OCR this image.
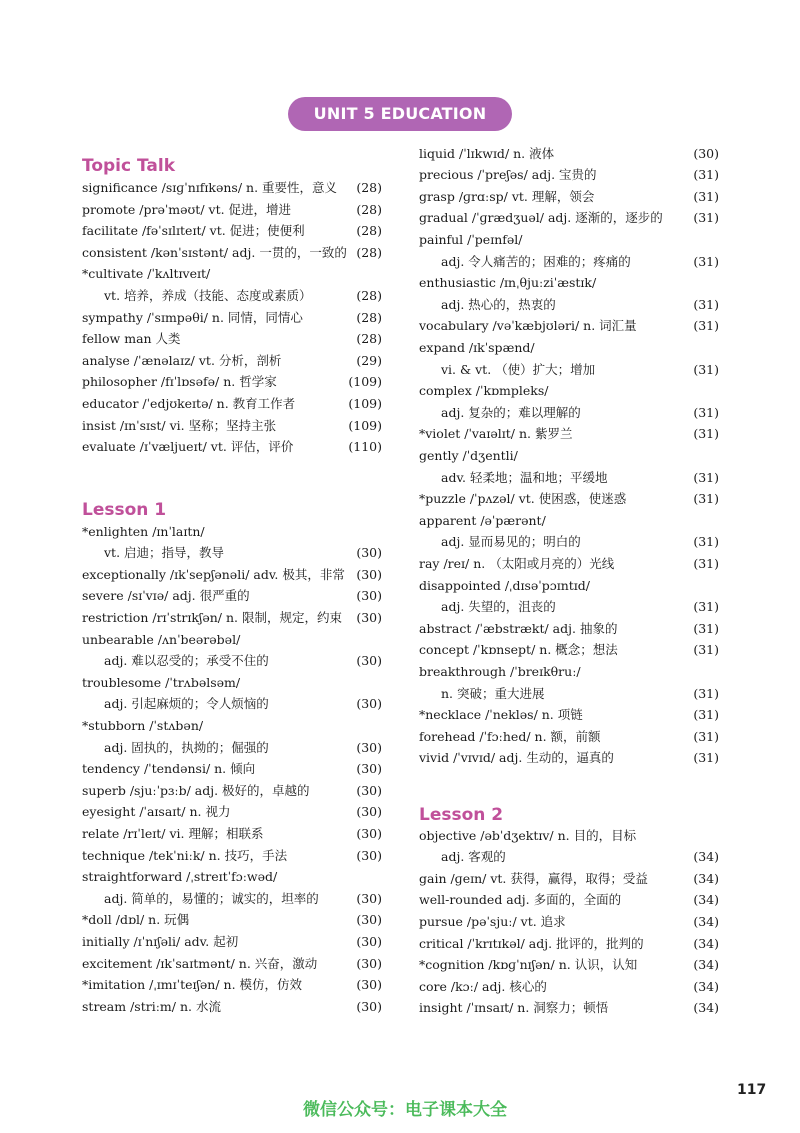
UNIT 5 EDUCATION
Topic Talk
significance /sɪɡˈnɪfɪkəns/ n. 重要性，意义 (28)
promote /prəˈməʊt/ vt. 促进，增进	(28)
facilitate /fəˈsɪlɪteɪt/ vt. 促进；使便利	(28)
consistent /kənˈsɪstənt/ adj. 一贯的，一致的 (28)
*cultivate /ˈkʌltɪveɪt/
vt. 培养，养成（技能、态度或素质）	(28)
sympathy /ˈsɪmpəθi/ n. 同情，同情心	(28)
fellow man 人类	(28)
analyse /ˈænəlaɪz/ vt. 分析，剖析	(29)
philosopher /fɪˈlɒsəfə/ n. 哲学家	(109)
educator /ˈedjʊkeɪtə/ n. 教育工作者	(109)
insist /ɪnˈsɪst/ vi. 坚称；坚持主张	(109)
evaluate /ɪˈvæljueɪt/ vt. 评估，评价	(110)
Lesson 1
*enlighten /ɪnˈlaɪtn/
vt. 启迪；指导，教导	(30)
exceptionally /ɪkˈsepʃənəli/ adv. 极其，非常 (30)
severe /sɪˈvɪə/ adj. 很严重的	(30)
restriction /rɪˈstrɪkʃən/ n. 限制，规定，约束 (30)
unbearable /ʌnˈbeərəbəl/
adj. 难以忍受的；承受不住的	(30)
troublesome /ˈtrʌbəlsəm/
adj. 引起麻烦的；令人烦恼的	(30)
*stubborn /ˈstʌbən/
adj. 固执的，执拗的；倔强的	(30)
tendency /ˈtendənsi/ n. 倾向	(30)
superb /sjuːˈpɜːb/ adj. 极好的，卓越的	(30)
eyesight /ˈaɪsaɪt/ n. 视力	(30)
relate /rɪˈleɪt/ vi. 理解；相联系	(30)
technique /tekˈniːk/ n. 技巧，手法	(30)
straightforward /ˌstreɪtˈfɔːwəd/
adj. 简单的，易懂的；诚实的，坦率的	(30)
*doll /dɒl/ n. 玩偶	(30)
initially /ɪˈnɪʃəli/ adv. 起初	(30)
excitement /ɪkˈsaɪtmənt/ n. 兴奋，激动	(30)
*imitation /ˌɪmɪˈteɪʃən/ n. 模仿，仿效	(30)
stream /striːm/ n. 水流	(30)
liquid /ˈlɪkwɪd/ n. 液体	(30)
precious /ˈpreʃəs/ adj. 宝贵的	(31)
grasp /ɡrɑːsp/ vt. 理解，领会	(31)
gradual /ˈɡrædʒuəl/ adj. 逐渐的，逐步的 (31)
painful /ˈpeɪnfəl/
adj. 令人痛苦的；困难的；疼痛的	(31)
enthusiastic /ɪnˌθjuːziˈæstɪk/
adj. 热心的，热衷的	(31)
vocabulary /vəˈkæbjʊləri/ n. 词汇量	(31)
expand /ɪkˈspænd/
vi. & vt. （使）扩大；增加	(31)
complex /ˈkɒmpleks/
adj. 复杂的；难以理解的	(31)
*violet /ˈvaɪəlɪt/ n. 紫罗兰	(31)
gently /ˈdʒentli/
adv. 轻柔地；温和地；平缓地	(31)
*puzzle /ˈpʌzəl/ vt. 使困惑，使迷惑	(31)
apparent /əˈpærənt/
adj. 显而易见的；明白的	(31)
ray /reɪ/ n. （太阳或月亮的）光线	(31)
disappointed /ˌdɪsəˈpɔɪntɪd/
adj. 失望的，沮丧的	(31)
abstract /ˈæbstrækt/ adj. 抽象的	(31)
concept /ˈkɒnsept/ n. 概念；想法	(31)
breakthrough /ˈbreɪkθruː/
n. 突破；重大进展	(31)
*necklace /ˈnekləs/ n. 项链	(31)
forehead /ˈfɔːhed/ n. 额，前额	(31)
vivid /ˈvɪvɪd/ adj. 生动的，逼真的	(31)
Lesson 2
objective /əbˈdʒektɪv/ n. 目的，目标
adj. 客观的	(34)
gain /ɡeɪn/ vt. 获得，赢得，取得；受益	(34)
well-rounded adj. 多面的，全面的	(34)
pursue /pəˈsjuː/ vt. 追求	(34)
critical /ˈkrɪtɪkəl/ adj. 批评的，批判的	(34)
*cognition /kɒɡˈnɪʃən/ n. 认识，认知	(34)
core /kɔː/ adj. 核心的	(34)
insight /ˈɪnsaɪt/ n. 洞察力；顿悟	(34)
117
微信公众号：电子课本大全
